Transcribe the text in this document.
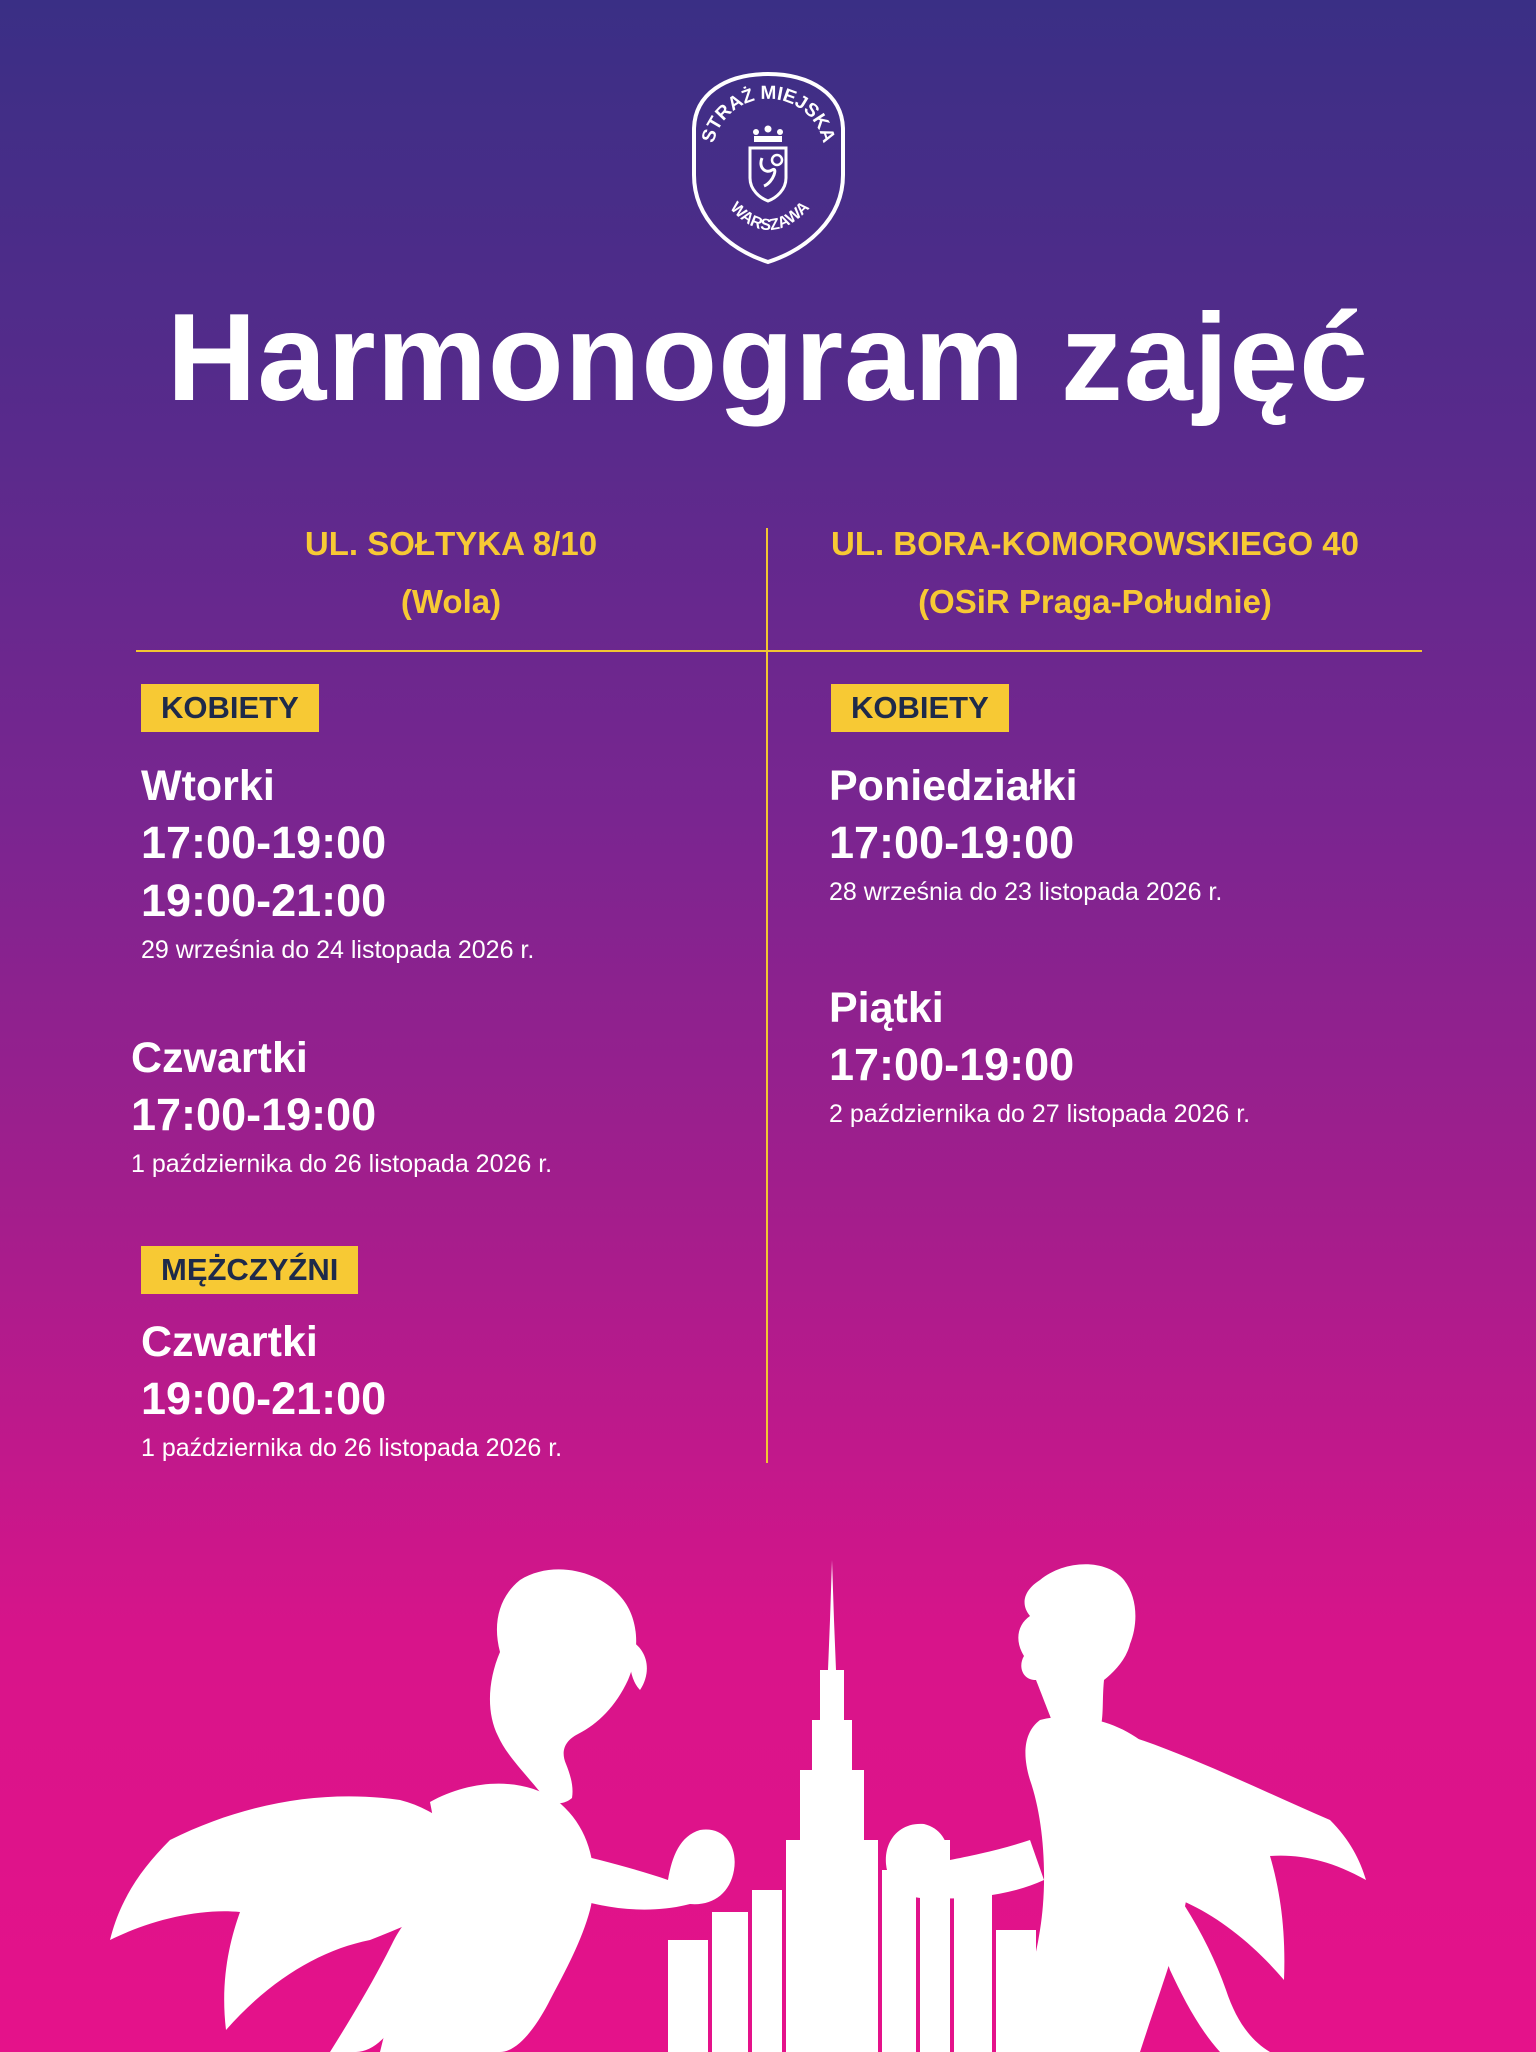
STRAŻ MIEJSKA
WARSZAWA
Harmonogram zajęć
UL. SOŁTYKA 8/10
(Wola)
UL. BORA-KOMOROWSKIEGO 40
(OSiR Praga-Południe)
KOBIETY

Wtorki

17:00-19:00

19:00-21:00

29 września do 24 listopada 2026 r.

Czwartki

17:00-19:00

1 października do 26 listopada 2026 r.

MĘŻCZYŹNI

Czwartki

19:00-21:00

1 października do 26 listopada 2026 r.

KOBIETY

Poniedziałki

17:00-19:00

28 września do 23 listopada 2026 r.

Piątki

17:00-19:00

2 października do 27 listopada 2026 r.
